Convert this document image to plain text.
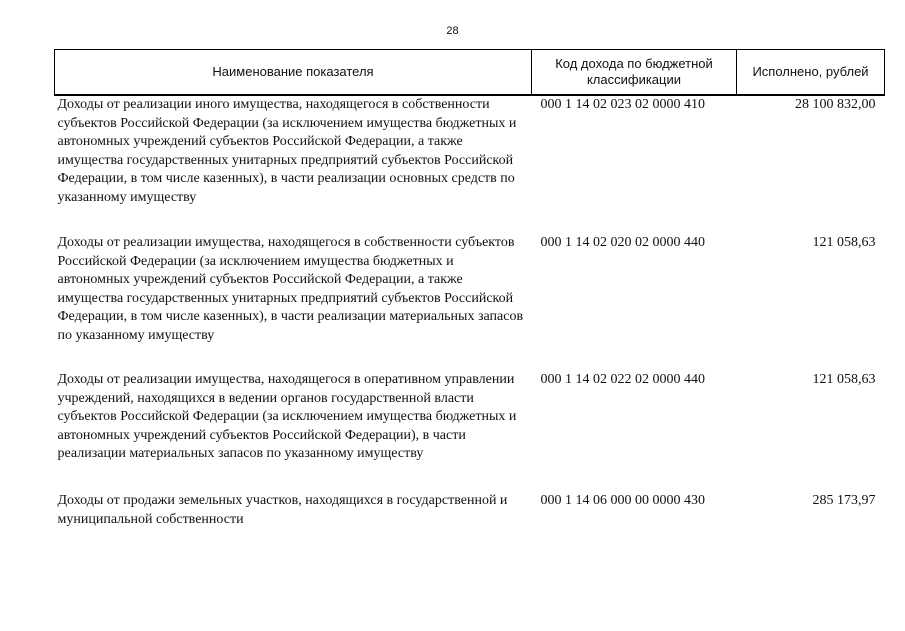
28
Наименование показателя	Код дохода по бюджетной классификации	Исполнено, рублей
Доходы от реализации иного имущества, находящегося в собственности субъектов Российской Федерации (за исключением имущества бюджетных и автономных учреждений субъектов Российской Федерации, а также имущества государственных унитарных предприятий субъектов Российской Федерации, в том числе казенных), в части реализации основных средств по указанному имуществу	000 1 14 02 023 02 0000 410	28 100 832,00
Доходы от реализации имущества, находящегося в собственности субъектов Российской Федерации (за исключением имущества бюджетных и автономных учреждений субъектов Российской Федерации, а также имущества государственных унитарных предприятий субъектов Российской Федерации, в том числе казенных), в части реализации материальных запасов по указанному имуществу	000 1 14 02 020 02 0000 440	121 058,63
Доходы от реализации имущества, находящегося в оперативном управлении учреждений, находящихся в ведении органов государственной власти субъектов Российской Федерации (за исключением имущества бюджетных и автономных учреждений субъектов Российской Федерации), в части реализации материальных запасов по указанному имуществу	000 1 14 02 022 02 0000 440	121 058,63
Доходы от продажи земельных участков, находящихся в государственной и муниципальной собственности	000 1 14 06 000 00 0000 430	285 173,97
